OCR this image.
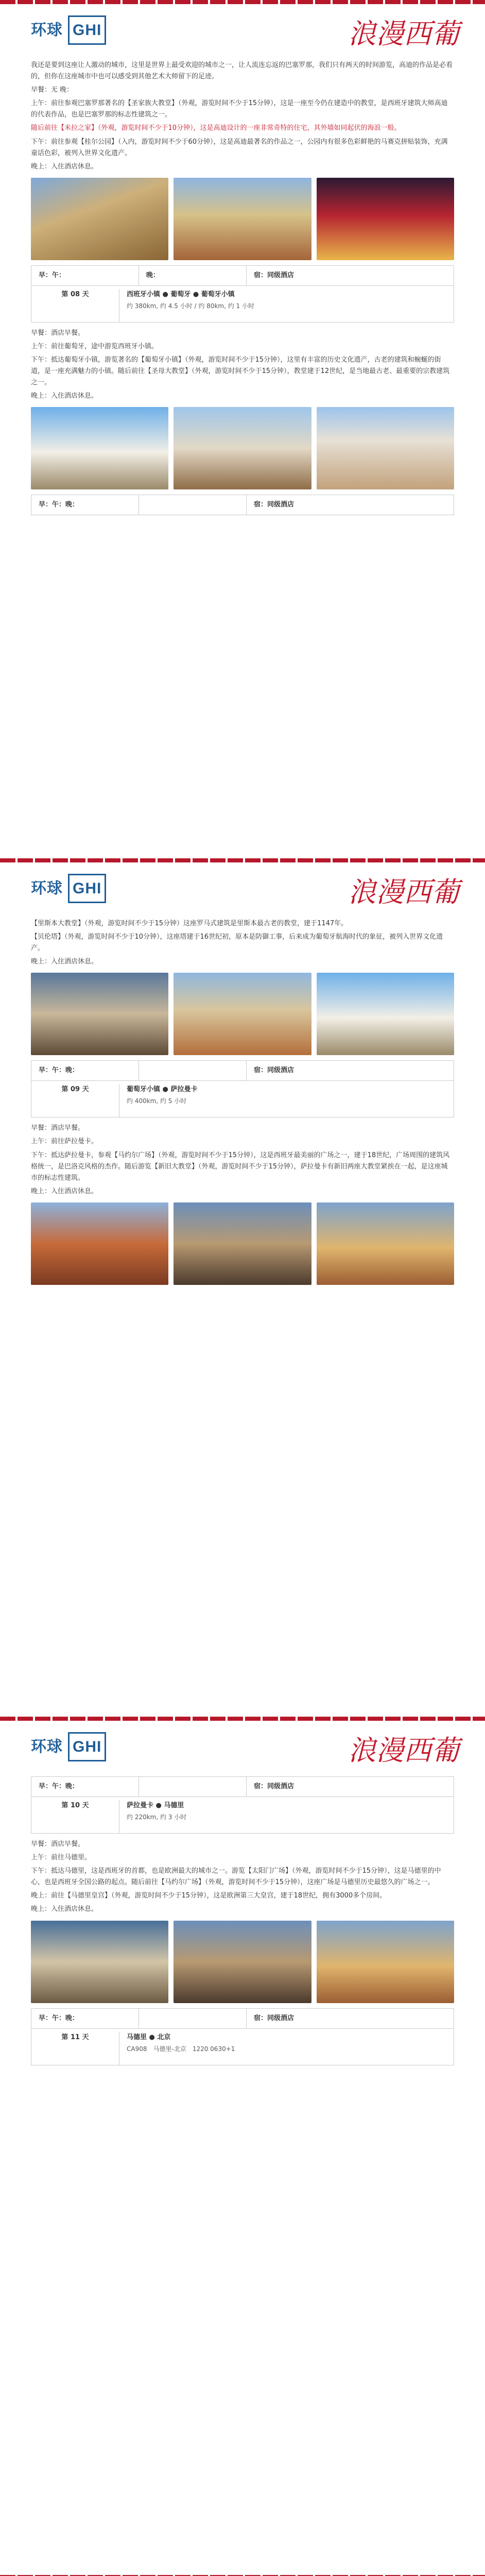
环球 GHI	浪漫西葡

我还是要到这座让人激动的城市，这里是世界上最受欢迎的城市之一，让人流连忘返的巴塞罗那，我们只有两天的时间游览，高迪的作品是必看的，但你在这座城市中也可以感受到其他艺术大师留下的足迹。

早餐：无 晚：

上午：前往参观巴塞罗那著名的【圣家族大教堂】（外观，游览时间不少于15分钟），这是一座至今仍在建造中的教堂，是西班牙建筑大师高迪的代表作品，也是巴塞罗那的标志性建筑之一。

随后前往【米拉之家】（外观，游览时间不少于10分钟），这是高迪设计的一座非常奇特的住宅，其外墙如同起伏的海浪一般。

下午：前往参观【桂尔公园】（入内，游览时间不少于60分钟），这是高迪最著名的作品之一，公园内有很多色彩鲜艳的马赛克拼贴装饰，充满童话色彩，被列入世界文化遗产。

晚上：入住酒店休息。

早：午：	晚：	宿：同级酒店
第 08 天	西班牙小镇 ● 葡萄牙 ● 葡萄牙小镇
约 380km, 约 4.5 小时 / 约 80km, 约 1 小时

早餐：酒店早餐。

上午：前往葡萄牙，途中游览西班牙小镇。

下午：抵达葡萄牙小镇，游览著名的【葡萄牙小镇】（外观，游览时间不少于15分钟），这里有丰富的历史文化遗产，古老的建筑和蜿蜒的街道，是一座充满魅力的小镇。随后前往【圣母大教堂】（外观，游览时间不少于15分钟），教堂建于12世纪，是当地最古老、最重要的宗教建筑之一。

晚上：入住酒店休息。

早：午：晚：	宿：同级酒店
环球 GHI	浪漫西葡

【里斯本大教堂】（外观，游览时间不少于15分钟）这座罗马式建筑是里斯本最古老的教堂，建于1147年。

【贝伦塔】（外观，游览时间不少于10分钟），这座塔建于16世纪初，原本是防御工事，后来成为葡萄牙航海时代的象征，被列入世界文化遗产。

晚上：入住酒店休息。

早：午：晚：	宿：同级酒店
第 09 天	葡萄牙小镇 ● 萨拉曼卡
约 400km, 约 5 小时

早餐：酒店早餐。

上午：前往萨拉曼卡。

下午：抵达萨拉曼卡，参观【马约尔广场】（外观，游览时间不少于15分钟），这是西班牙最美丽的广场之一，建于18世纪，广场周围的建筑风格统一，是巴洛克风格的杰作。随后游览【新旧大教堂】（外观，游览时间不少于15分钟），萨拉曼卡有新旧两座大教堂紧挨在一起，是这座城市的标志性建筑。

晚上：入住酒店休息。

环球 GHI	浪漫西葡
早：午：晚：	宿：同级酒店
第 10 天	萨拉曼卡 ● 马德里
约 220km, 约 3 小时

早餐：酒店早餐。

上午：前往马德里。

下午：抵达马德里，这是西班牙的首都，也是欧洲最大的城市之一。游览【太阳门广场】（外观，游览时间不少于15分钟），这是马德里的中心，也是西班牙全国公路的起点。随后前往【马约尔广场】（外观，游览时间不少于15分钟），这座广场是马德里历史最悠久的广场之一。

晚上：前往【马德里皇宫】（外观，游览时间不少于15分钟），这是欧洲第三大皇宫，建于18世纪，拥有3000多个房间。

晚上：入住酒店休息。

早：午：晚：	宿：同级酒店
第 11 天	马德里 ● 北京
CA908　马德里-北京　1220 0630+1
